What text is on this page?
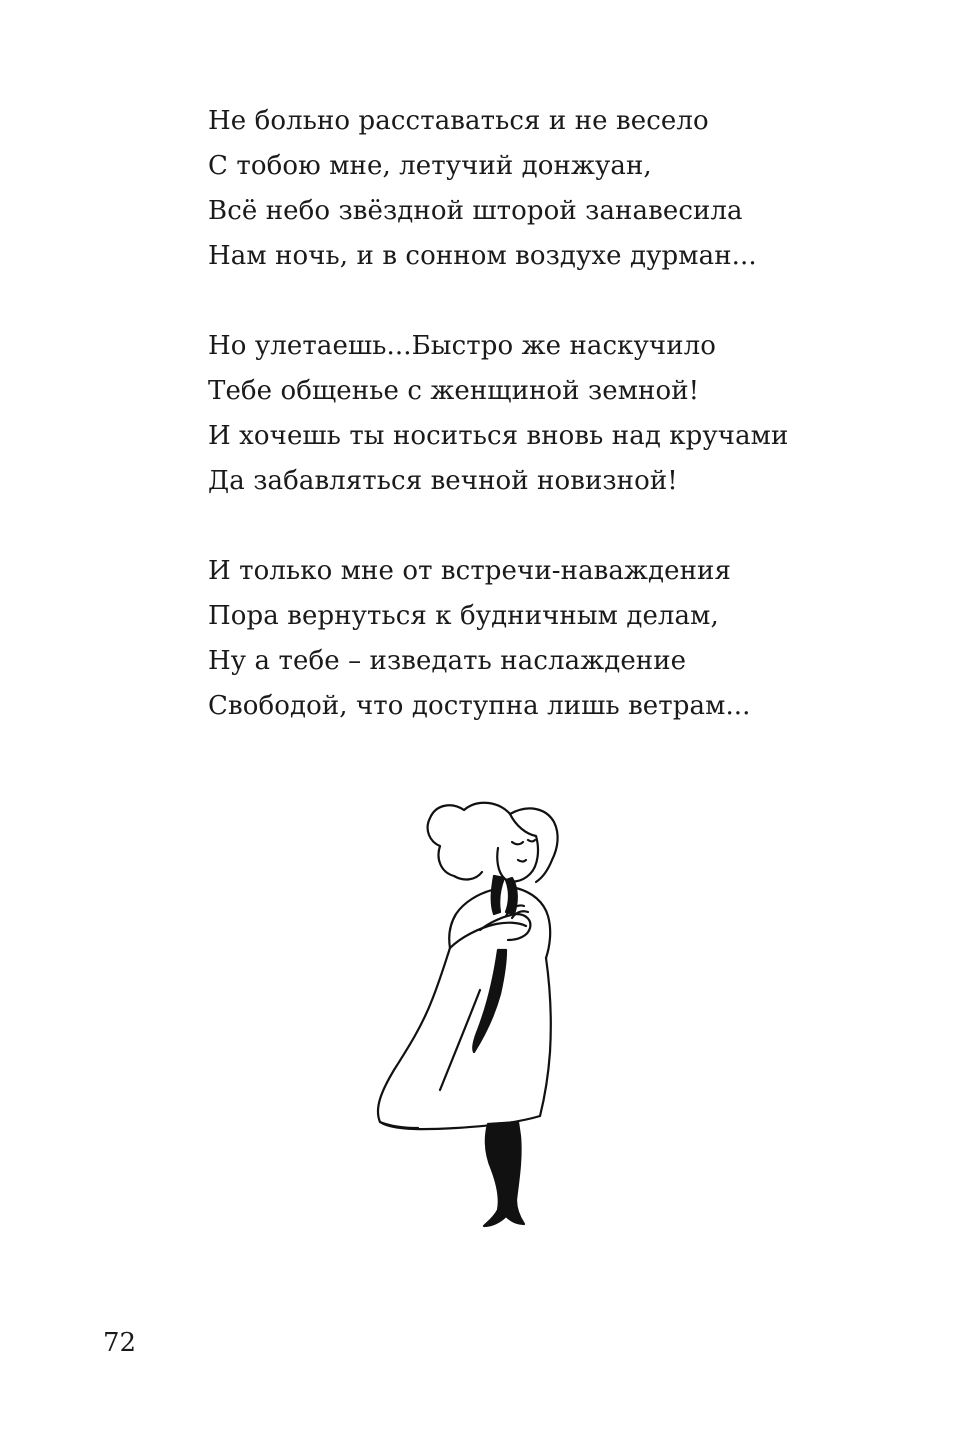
Не больно расставаться и не весело
С тобою мне, летучий донжуан,
Всё небо звёздной шторой занавесила
Нам ночь, и в сонном воздухе дурман...
Но улетаешь...Быстро же наскучило
Тебе общенье с женщиной земной!
И хочешь ты носиться вновь над кручами
Да забавляться вечной новизной!
И только мне от встречи-наваждения
Пора вернуться к будничным делам,
Ну а тебе – изведать наслаждение
Свободой, что доступна лишь ветрам...
72
